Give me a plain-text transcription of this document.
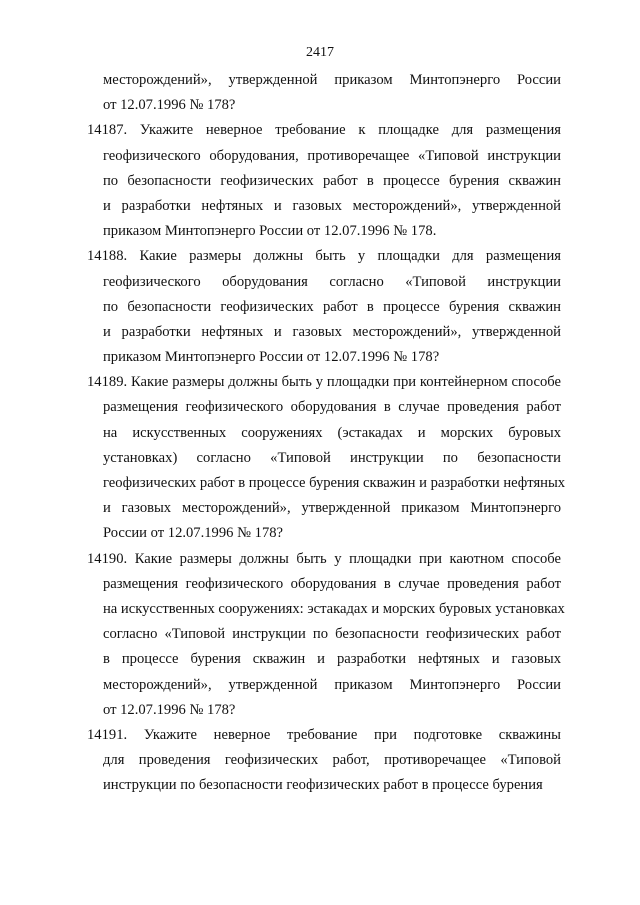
2417
месторождений», утвержденной приказом Минтопэнерго России
от 12.07.1996 № 178?
14187. Укажите неверное требование к площадке для размещения
геофизического оборудования, противоречащее «Типовой инструкции
по безопасности геофизических работ в процессе бурения скважин
и разработки нефтяных и газовых месторождений», утвержденной
приказом Минтопэнерго России от 12.07.1996 № 178.
14188. Какие размеры должны быть у площадки для размещения
геофизического оборудования согласно «Типовой инструкции
по безопасности геофизических работ в процессе бурения скважин
и разработки нефтяных и газовых месторождений», утвержденной
приказом Минтопэнерго России от 12.07.1996 № 178?
14189. Какие размеры должны быть у площадки при контейнерном способе
размещения геофизического оборудования в случае проведения работ
на искусственных сооружениях (эстакадах и морских буровых
установках) согласно «Типовой инструкции по безопасности
геофизических работ в процессе бурения скважин и разработки нефтяных
и газовых месторождений», утвержденной приказом Минтопэнерго
России от 12.07.1996 № 178?
14190. Какие размеры должны быть у площадки при каютном способе
размещения геофизического оборудования в случае проведения работ
на искусственных сооружениях: эстакадах и морских буровых установках
согласно «Типовой инструкции по безопасности геофизических работ
в процессе бурения скважин и разработки нефтяных и газовых
месторождений», утвержденной приказом Минтопэнерго России
от 12.07.1996 № 178?
14191. Укажите неверное требование при подготовке скважины
для проведения геофизических работ, противоречащее «Типовой
инструкции по безопасности геофизических работ в процессе бурения
